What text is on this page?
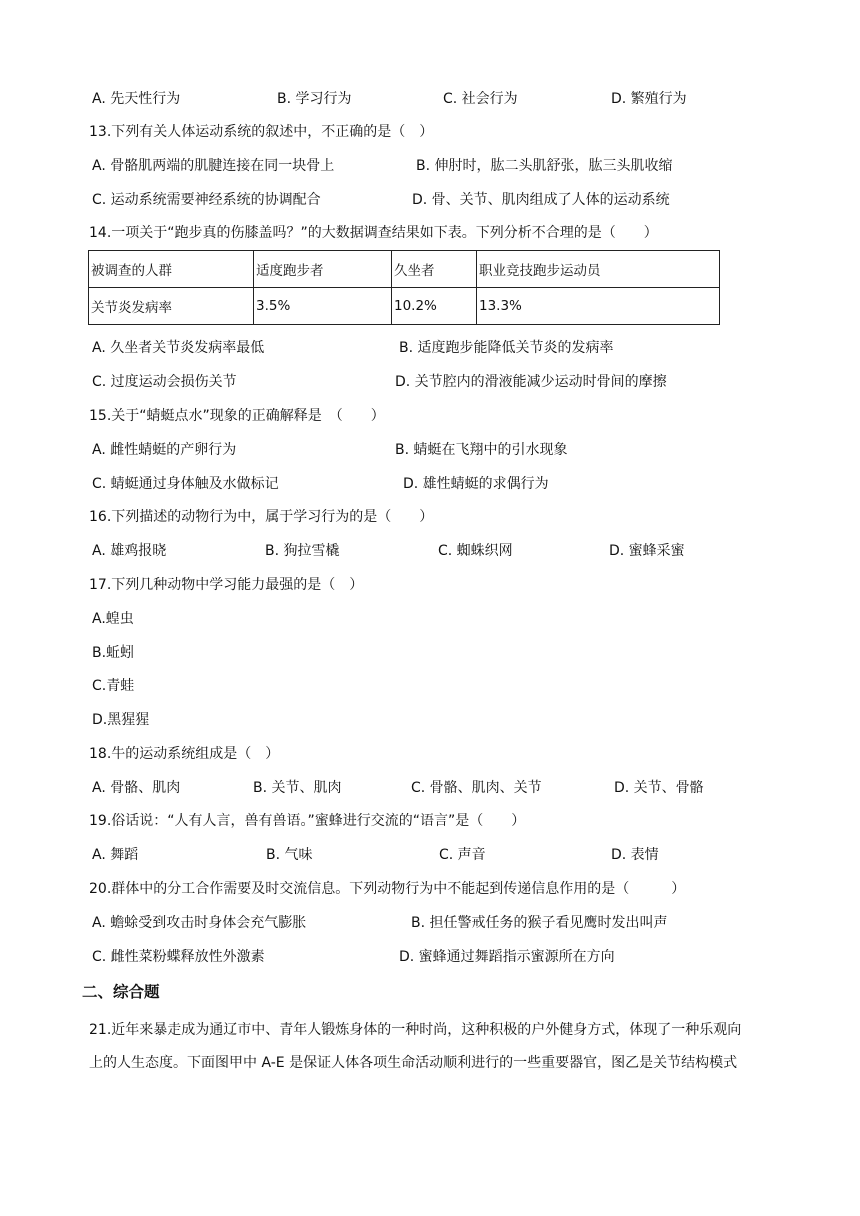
A. 先天性行为	B. 学习行为	C. 社会行为	D. 繁殖行为
13.下列有关人体运动系统的叙述中，不正确的是（　）
A. 骨骼肌两端的肌腱连接在同一块骨上	B. 伸肘时，肱二头肌舒张，肱三头肌收缩
C. 运动系统需要神经系统的协调配合	D. 骨、关节、肌肉组成了人体的运动系统
14.一项关于“跑步真的伤膝盖吗？”的大数据调查结果如下表。下列分析不合理的是（　　）
被调查的人群	适度跑步者	久坐者	职业竞技跑步运动员
关节炎发病率	3.5%	10.2%	13.3%
A. 久坐者关节炎发病率最低	B. 适度跑步能降低关节炎的发病率
C. 过度运动会损伤关节	D. 关节腔内的滑液能减少运动时骨间的摩擦
15.关于“蜻蜓点水”现象的正确解释是　（　　）
A. 雌性蜻蜓的产卵行为	B. 蜻蜓在飞翔中的引水现象
C. 蜻蜓通过身体触及水做标记	D. 雄性蜻蜓的求偶行为
16.下列描述的动物行为中，属于学习行为的是（　　）
A. 雄鸡报晓	B. 狗拉雪橇	C. 蜘蛛织网	D. 蜜蜂采蜜
17.下列几种动物中学习能力最强的是（　）
A.蝗虫
B.蚯蚓
C.青蛙
D.黑猩猩
18.牛的运动系统组成是（　）
A. 骨骼、肌肉	B. 关节、肌肉	C. 骨骼、肌肉、关节	D. 关节、骨骼
19.俗话说：“人有人言，兽有兽语。”蜜蜂进行交流的“语言”是（　　）
A. 舞蹈	B. 气味	C. 声音	D. 表情
20.群体中的分工合作需要及时交流信息。下列动物行为中不能起到传递信息作用的是（　　　）
A. 蟾蜍受到攻击时身体会充气膨胀	B. 担任警戒任务的猴子看见鹰时发出叫声
C. 雌性菜粉蝶释放性外激素	D. 蜜蜂通过舞蹈指示蜜源所在方向
二、综合题
21.近年来暴走成为通辽市中、青年人锻炼身体的一种时尚，这种积极的户外健身方式，体现了一种乐观向
上的人生态度。下面图甲中 A-E 是保证人体各项生命活动顺利进行的一些重要器官，图乙是关节结构模式
